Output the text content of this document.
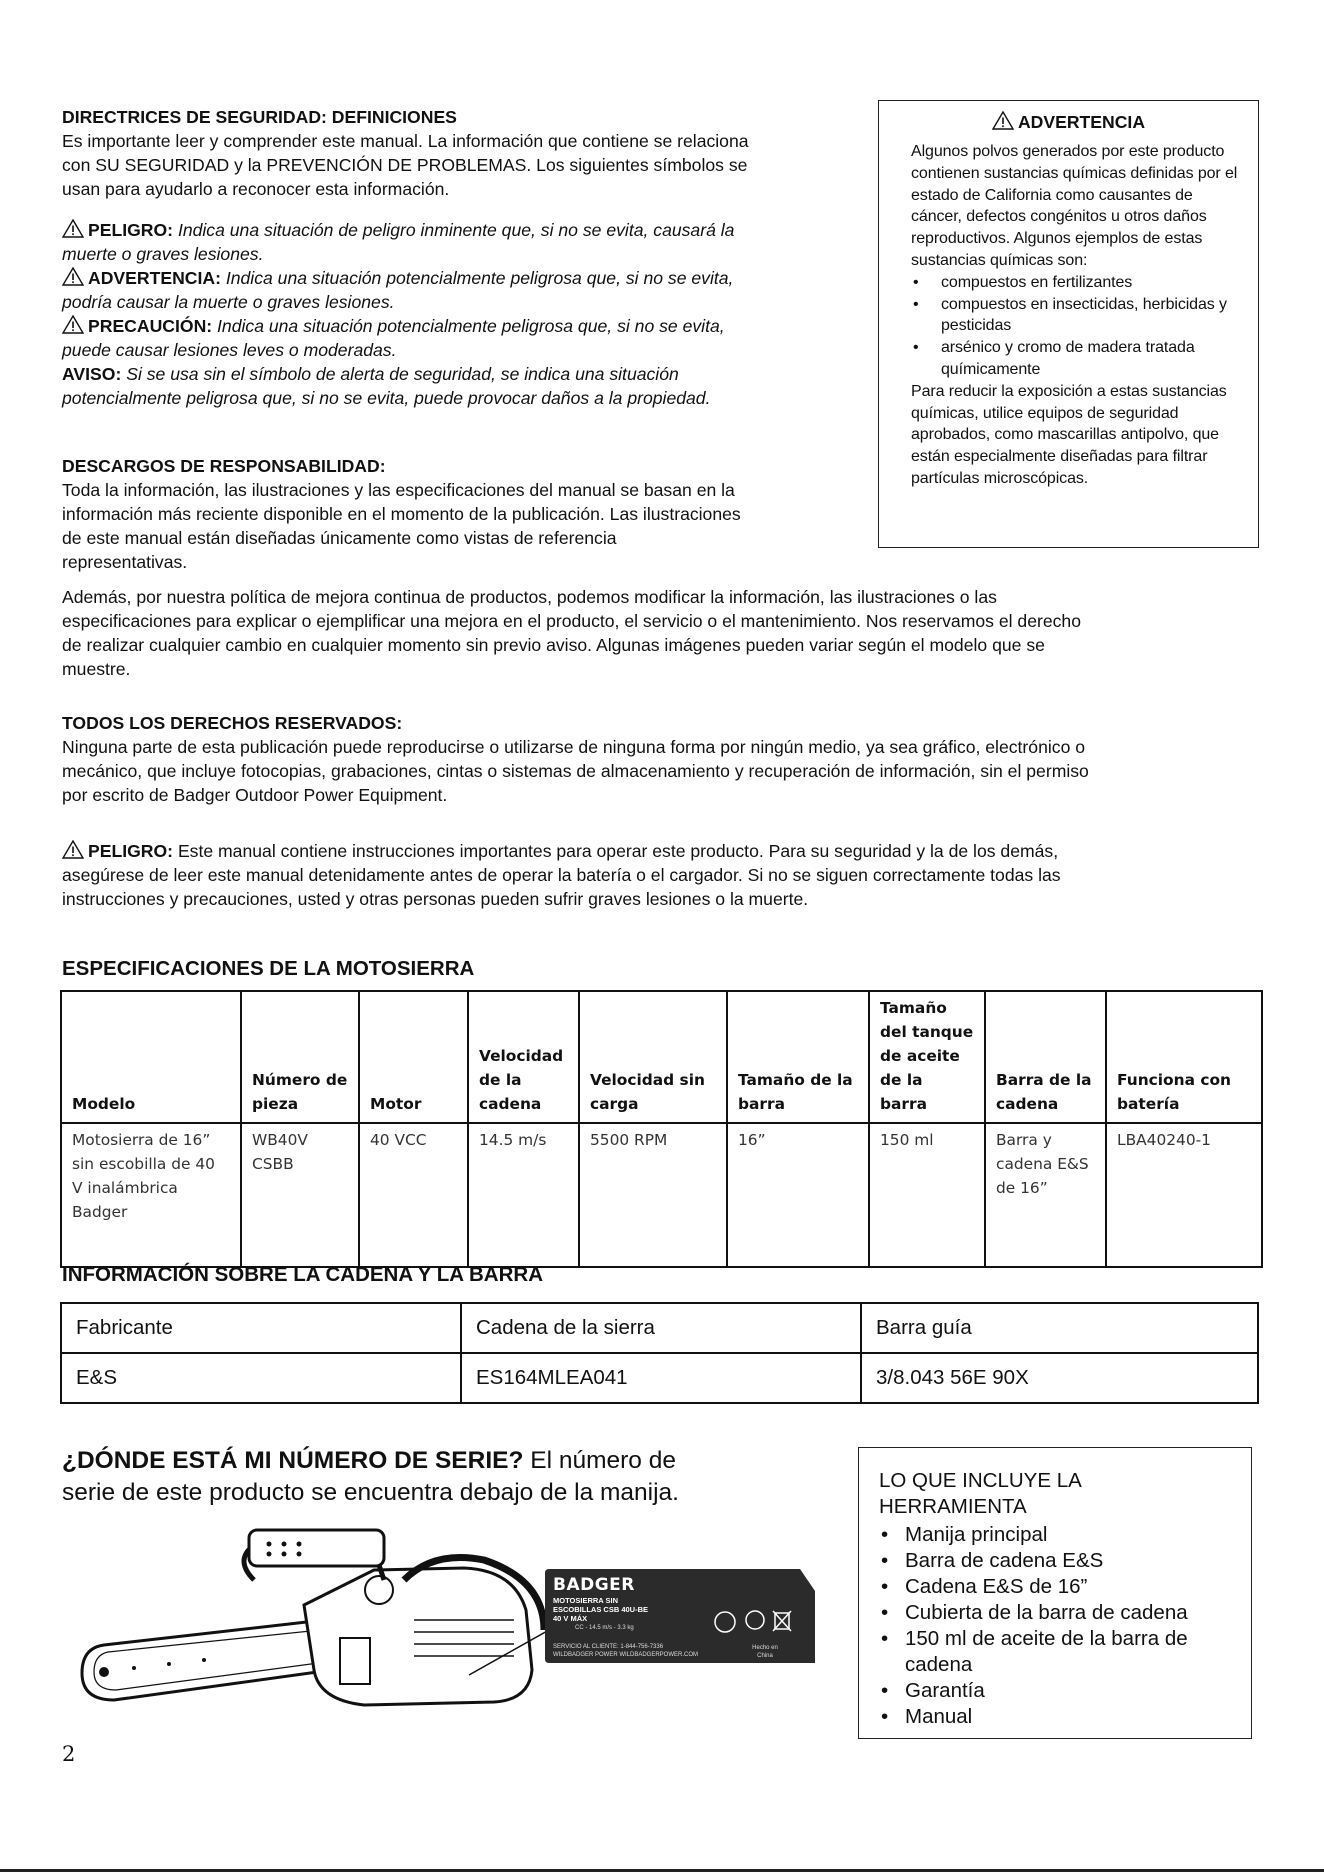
DIRECTRICES DE SEGURIDAD: DEFINICIONES
Es importante leer y comprender este manual. La información que contiene se relaciona
con SU SEGURIDAD y la PREVENCIÓN DE PROBLEMAS. Los siguientes símbolos se
usan para ayudarlo a reconocer esta información.
PELIGRO: Indica una situación de peligro inminente que, si no se evita, causará la
muerte o graves lesiones.
ADVERTENCIA: Indica una situación potencialmente peligrosa que, si no se evita,
podría causar la muerte o graves lesiones.
PRECAUCIÓN: Indica una situación potencialmente peligrosa que, si no se evita,
puede causar lesiones leves o moderadas.
AVISO: Si se usa sin el símbolo de alerta de seguridad, se indica una situación
potencialmente peligrosa que, si no se evita, puede provocar daños a la propiedad.
ADVERTENCIA
Algunos polvos generados por este producto contienen sustancias químicas definidas por el estado de California como causantes de cáncer, defectos congénitos u otros daños reproductivos. Algunos ejemplos de estas sustancias químicas son:
• compuestos en fertilizantes
• compuestos en insecticidas, herbicidas y pesticidas
• arsénico y cromo de madera tratada químicamente
Para reducir la exposición a estas sustancias químicas, utilice equipos de seguridad aprobados, como mascarillas antipolvo, que están especialmente diseñadas para filtrar partículas microscópicas.
DESCARGOS DE RESPONSABILIDAD:
Toda la información, las ilustraciones y las especificaciones del manual se basan en la
información más reciente disponible en el momento de la publicación. Las ilustraciones
de este manual están diseñadas únicamente como vistas de referencia
representativas.
Además, por nuestra política de mejora continua de productos, podemos modificar la información, las ilustraciones o las
especificaciones para explicar o ejemplificar una mejora en el producto, el servicio o el mantenimiento. Nos reservamos el derecho
de realizar cualquier cambio en cualquier momento sin previo aviso. Algunas imágenes pueden variar según el modelo que se
muestre.
TODOS LOS DERECHOS RESERVADOS:
Ninguna parte de esta publicación puede reproducirse o utilizarse de ninguna forma por ningún medio, ya sea gráfico, electrónico o
mecánico, que incluye fotocopias, grabaciones, cintas o sistemas de almacenamiento y recuperación de información, sin el permiso
por escrito de Badger Outdoor Power Equipment.
PELIGRO: Este manual contiene instrucciones importantes para operar este producto. Para su seguridad y la de los demás,
asegúrese de leer este manual detenidamente antes de operar la batería o el cargador. Si no se siguen correctamente todas las
instrucciones y precauciones, usted y otras personas pueden sufrir graves lesiones o la muerte.
ESPECIFICACIONES DE LA MOTOSIERRA
Modelo	Número de pieza	Motor	Velocidad de la cadena	Velocidad sin carga	Tamaño de la barra	Tamaño del tanque de aceite de la barra	Barra de la cadena	Funciona con batería
Motosierra de 16” sin escobilla de 40 V inalámbrica Badger	WB40V CSBB	40 VCC	14.5 m/s	5500 RPM	16”	150 ml	Barra y cadena E&S de 16”	LBA40240-1
INFORMACIÓN SOBRE LA CADENA Y LA BARRA
Fabricante	Cadena de la sierra	Barra guía
E&S	ES164MLEA041	3/8.043 56E 90X
¿DÓNDE ESTÁ MI NÚMERO DE SERIE? El número de
serie de este producto se encuentra debajo de la manija.
BADGER
MOTOSIERRA SIN
ESCOBILLAS CSB 40U-BE
40 V MÁX
CC - 14.5 m/s - 3.3 kg
SERVICIO AL CLIENTE: 1-844-756-7336
WILDBADGER POWER WILDBADGERPOWER.COM
Hecho en China
LO QUE INCLUYE LA
HERRAMIENTA
• Manija principal
• Barra de cadena E&S
• Cadena E&S de 16”
• Cubierta de la barra de cadena
• 150 ml de aceite de la barra de cadena
• Garantía
• Manual
2
